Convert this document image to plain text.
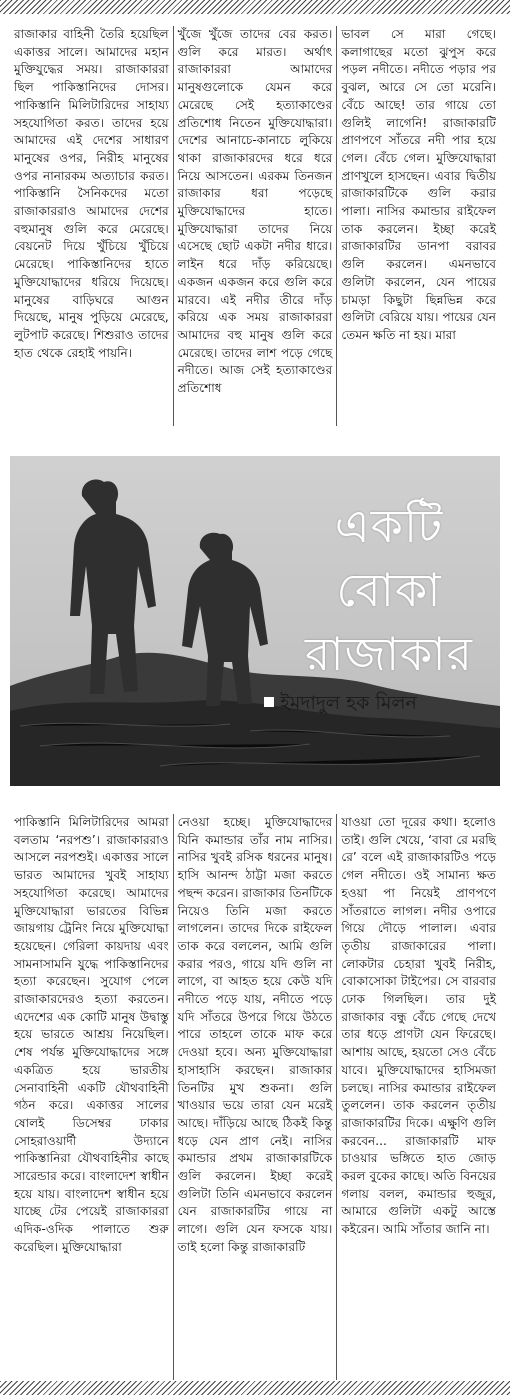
রাজাকার বাহিনী তৈরি হয়েছিল একাত্তর সালে। আমাদের মহান মুক্তিযুদ্ধের সময়। রাজাকাররা ছিল পাকিস্তানিদের দোসর। পাকিস্তানি মিলিটারিদের সাহায্য সহযোগিতা করত। তাদের হয়ে আমাদের এই দেশের সাধারণ মানুষের ওপর, নিরীহ মানুষের ওপর নানারকম অত্যাচার করত। পাকিস্তানি সৈনিকদের মতো রাজাকাররাও আমাদের দেশের বহুমানুষ গুলি করে মেরেছে। বেয়নেট দিয়ে খুঁচিয়ে খুঁচিয়ে মেরেছে। পাকিস্তানিদের হাতে মুক্তিযোদ্ধাদের ধরিয়ে দিয়েছে। মানুষের বাড়িঘরে আগুন দিয়েছে, মানুষ পুড়িয়ে মেরেছে, লুটপাট করেছে। শিশুরাও তাদের হাত থেকে রেহাই পায়নি।

খুঁজে খুঁজে তাদের বের করত। গুলি করে মারত। অর্থাৎ রাজাকাররা আমাদের মানুষগুলোকে যেমন করে মেরেছে সেই হত্যাকাণ্ডের প্রতিশোধ নিতেন মুক্তিযোদ্ধারা। দেশের আনাচে-কানাচে লুকিয়ে থাকা রাজাকারদের ধরে ধরে নিয়ে আসতেন। এরকম তিনজন রাজাকার ধরা পড়েছে মুক্তিযোদ্ধাদের হাতে। মুক্তিযোদ্ধারা তাদের নিয়ে এসেছে ছোট একটা নদীর ধারে। লাইন ধরে দাঁড় করিয়েছে। একজন একজন করে গুলি করে মারবে। এই নদীর তীরে দাঁড় করিয়ে এক সময় রাজাকাররা আমাদের বহু মানুষ গুলি করে মেরেছে। তাদের লাশ পড়ে গেছে নদীতে। আজ সেই হত্যাকাণ্ডের প্রতিশোধ

ভাবল সে মারা গেছে। কলাগাছের মতো ঝুপুস করে পড়ল নদীতে। নদীতে পড়ার পর বুঝল, আরে সে তো মরেনি। বেঁচে আছে! তার গায়ে তো গুলিই লাগেনি! রাজাকারটি প্রাণপণে সাঁতরে নদী পার হয়ে গেল। বেঁচে গেল। মুক্তিযোদ্ধারা প্রাণখুলে হাসছেন। এবার দ্বিতীয় রাজাকারটিকে গুলি করার পালা। নাসির কমান্ডার রাইফেল তাক করলেন। ইচ্ছা করেই রাজাকারটির ডানপা বরাবর গুলি করলেন। এমনভাবে গুলিটা করলেন, যেন পায়ের চামড়া কিছুটা ছিন্নভিন্ন করে গুলিটা বেরিয়ে যায়। পায়ের যেন তেমন ক্ষতি না হয়। মারা

একটি
বোকা
রাজাকার
ইমদাদুল হক মিলন

পাকিস্তানি মিলিটারিদের আমরা বলতাম ‘নরপশু’। রাজাকাররাও আসলে নরপশুই। একাত্তর সালে ভারত আমাদের খুবই সাহায্য সহযোগিতা করেছে। আমাদের মুক্তিযোদ্ধারা ভারতের বিভিন্ন জায়গায় ট্রেনিং নিয়ে মুক্তিযোদ্ধা হয়েছেন। গেরিলা কায়দায় এবং সামনাসামনি যুদ্ধে পাকিস্তানিদের হত্যা করেছেন। সুযোগ পেলে রাজাকারদেরও হত্যা করতেন। এদেশের এক কোটি মানুষ উদ্বাস্তু হয়ে ভারতে আশ্রয় নিয়েছিল। শেষ পর্যন্ত মুক্তিযোদ্ধাদের সঙ্গে একত্রিত হয়ে ভারতীয় সেনাবাহিনী একটি যৌথবাহিনী গঠন করে। একাত্তর সালের ষোলই ডিসেম্বর ঢাকার সোহরাওয়ার্দী উদ্যানে পাকিস্তানিরা যৌথবাহিনীর কাছে সারেন্ডার করে। বাংলাদেশ স্বাধীন হয়ে যায়। বাংলাদেশ স্বাধীন হয়ে যাচ্ছে টের পেয়েই রাজাকাররা এদিক-ওদিক পালাতে শুরু করেছিল। মুক্তিযোদ্ধারা

নেওয়া হচ্ছে। মুক্তিযোদ্ধাদের যিনি কমান্ডার তাঁর নাম নাসির। নাসির খুবই রসিক ধরনের মানুষ। হাসি আনন্দ ঠাট্টা মজা করতে পছন্দ করেন। রাজাকার তিনটিকে নিয়েও তিনি মজা করতে লাগলেন। তাদের দিকে রাইফেল তাক করে বললেন, আমি গুলি করার পরও, গায়ে যদি গুলি না লাগে, বা আহত হয়ে কেউ যদি নদীতে পড়ে যায়, নদীতে পড়ে যদি সাঁতরে উপরে গিয়ে উঠতে পারে তাহলে তাকে মাফ করে দেওয়া হবে। অন্য মুক্তিযোদ্ধারা হাসাহাসি করছেন। রাজাকার তিনটির মুখ শুকনা। গুলি খাওয়ার ভয়ে তারা যেন মরেই আছে। দাঁড়িয়ে আছে ঠিকই কিন্তু ধড়ে যেন প্রাণ নেই। নাসির কমান্ডার প্রথম রাজাকারটিকে গুলি করলেন। ইচ্ছা করেই গুলিটা তিনি এমনভাবে করলেন যেন রাজাকারটির গায়ে না লাগে। গুলি যেন ফসকে যায়। তাই হলো কিন্তু রাজাকারটি

যাওয়া তো দূরের কথা। হলোও তাই। গুলি খেয়ে, ‘বাবা রে মরছি রে’ বলে এই রাজাকারটিও পড়ে গেল নদীতে। ওই সামান্য ক্ষত হওয়া পা নিয়েই প্রাণপণে সাঁতরাতে লাগল। নদীর ওপারে গিয়ে দৌড়ে পালাল। এবার তৃতীয় রাজাকারের পালা। লোকটার চেহারা খুবই নিরীহ, বোকাসোকা টাইপের। সে বারবার ঢোক গিলছিল। তার দুই রাজাকার বন্ধু বেঁচে গেছে দেখে তার ধড়ে প্রাণটা যেন ফিরেছে। আশায় আছে, হয়তো সেও বেঁচে যাবে। মুক্তিযোদ্ধাদের হাসিমজা চলছে। নাসির কমান্ডার রাইফেল তুললেন। তাক করলেন তৃতীয় রাজাকারটির দিকে। এক্ষুণি গুলি করবেন... রাজাকারটি মাফ চাওয়ার ভঙ্গিতে হাত জোড় করল বুকের কাছে। অতি বিনয়ের গলায় বলল, কমান্ডার হুজুর, আমারে গুলিটা একটু আস্তে কইরেন। আমি সাঁতার জানি না।
